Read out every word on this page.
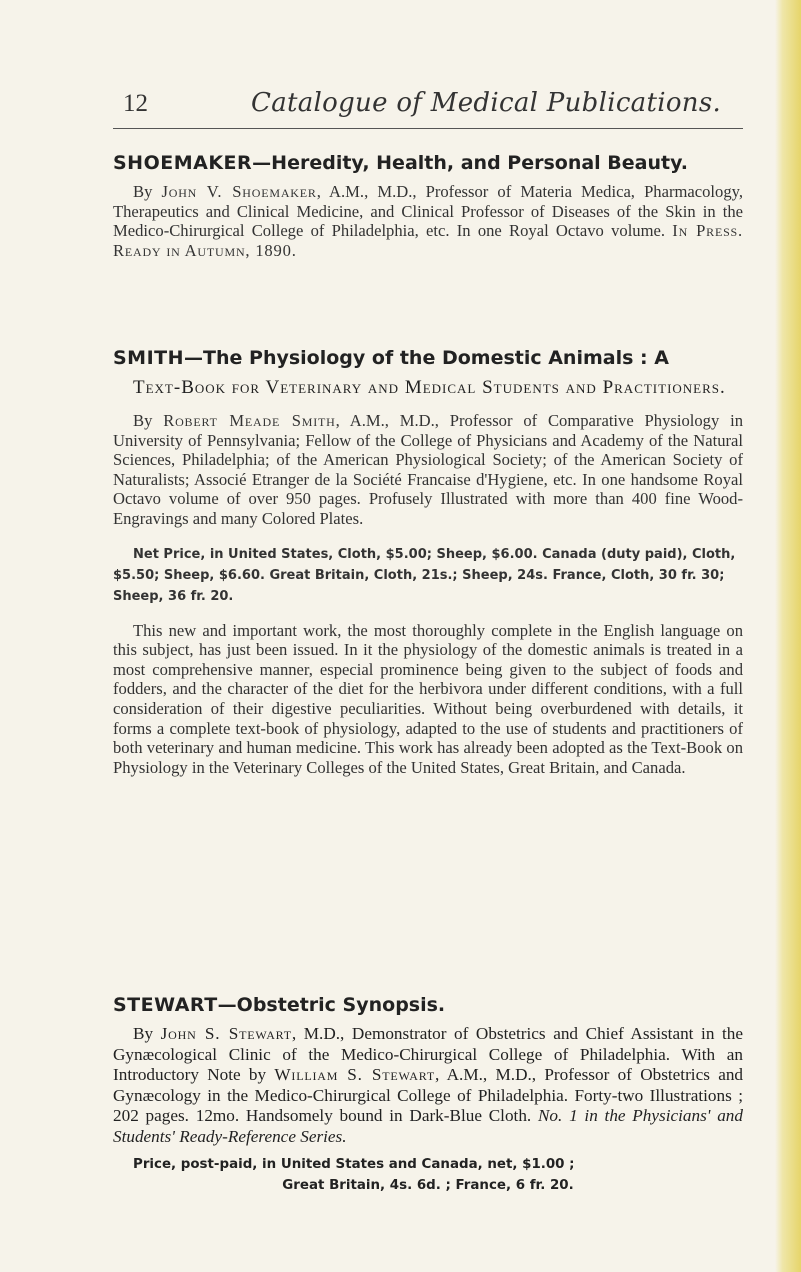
12	Catalogue of Medical Publications.

SHOEMAKER—Heredity, Health, and Personal Beauty.

By John V. Shoemaker, A.M., M.D., Professor of Materia Medica, Pharmacology, Therapeutics and Clinical Medicine, and Clinical Professor of Diseases of the Skin in the Medico-Chirurgical College of Philadelphia, etc. In one Royal Octavo volume. In Press. Ready in Autumn, 1890.

SMITH—The Physiology of the Domestic Animals : A

Text-Book for Veterinary and Medical Students and Practitioners.

By Robert Meade Smith, A.M., M.D., Professor of Comparative Physiology in University of Pennsylvania; Fellow of the College of Physicians and Academy of the Natural Sciences, Philadelphia; of the American Physiological Society; of the American Society of Naturalists; Associé Etranger de la Société Francaise d'Hygiene, etc. In one handsome Royal Octavo volume of over 950 pages. Profusely Illustrated with more than 400 fine Wood-Engravings and many Colored Plates.

Net Price, in United States, Cloth, $5.00; Sheep, $6.00. Canada (duty paid), Cloth, $5.50; Sheep, $6.60. Great Britain, Cloth, 21s.; Sheep, 24s. France, Cloth, 30 fr. 30; Sheep, 36 fr. 20.

This new and important work, the most thoroughly complete in the English language on this subject, has just been issued. In it the physiology of the domestic animals is treated in a most comprehensive manner, especial prominence being given to the subject of foods and fodders, and the character of the diet for the herbivora under different conditions, with a full consideration of their digestive peculiarities. Without being overburdened with details, it forms a complete text-book of physiology, adapted to the use of students and practitioners of both veterinary and human medicine. This work has already been adopted as the Text-Book on Physiology in the Veterinary Colleges of the United States, Great Britain, and Canada.

STEWART—Obstetric Synopsis.

By John S. Stewart, M.D., Demonstrator of Obstetrics and Chief Assistant in the Gynæcological Clinic of the Medico-Chirurgical College of Philadelphia. With an Introductory Note by William S. Stewart, A.M., M.D., Professor of Obstetrics and Gynæcology in the Medico-Chirurgical College of Philadelphia. Forty-two Illustrations ; 202 pages. 12mo. Handsomely bound in Dark-Blue Cloth. No. 1 in the Physicians' and Students' Ready-Reference Series.

Price, post-paid, in United States and Canada, net, $1.00 ;

Great Britain, 4s. 6d. ; France, 6 fr. 20.
